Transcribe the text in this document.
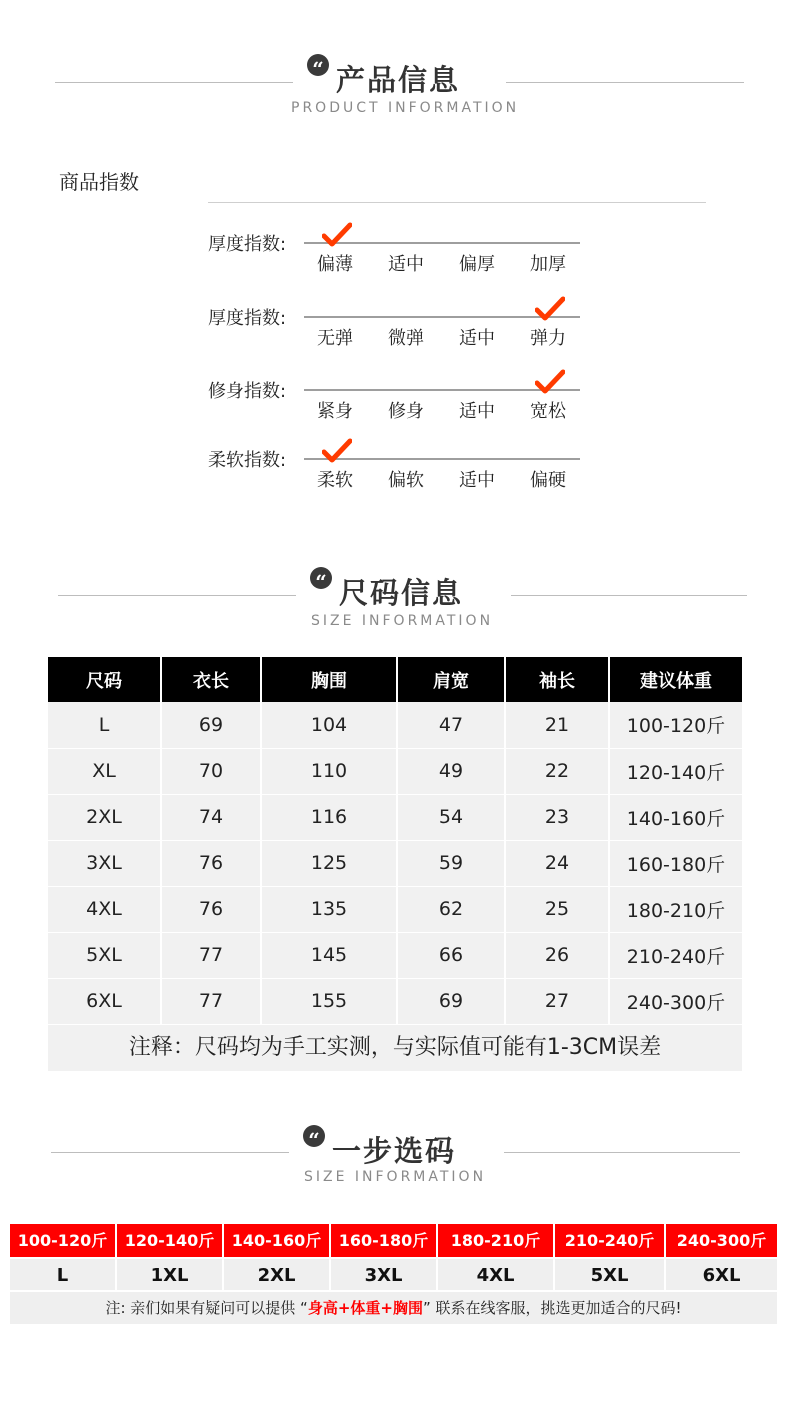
“ 产品信息
PRODUCT INFORMATION
商品指数
厚度指数:
偏薄	适中	偏厚	加厚
厚度指数:
无弹	微弹	适中	弹力
修身指数:
紧身	修身	适中	宽松
柔软指数:
柔软	偏软	适中	偏硬
“ 尺码信息
SIZE INFORMATION
尺码	衣长	胸围	肩宽	袖长	建议体重
L	69	104	47	21	100-120斤
XL	70	110	49	22	120-140斤
2XL	74	116	54	23	140-160斤
3XL	76	125	59	24	160-180斤
4XL	76	135	62	25	180-210斤
5XL	77	145	66	26	210-240斤
6XL	77	155	69	27	240-300斤
注释：尺码均为手工实测，与实际值可能有1-3CM误差
“ 一步选码
SIZE INFORMATION
100-120斤	120-140斤	140-160斤	160-180斤	180-210斤	210-240斤	240-300斤
L	1XL	2XL	3XL	4XL	5XL	6XL
注: 亲们如果有疑问可以提供 “身高+体重+胸围” 联系在线客服，挑选更加适合的尺码!
